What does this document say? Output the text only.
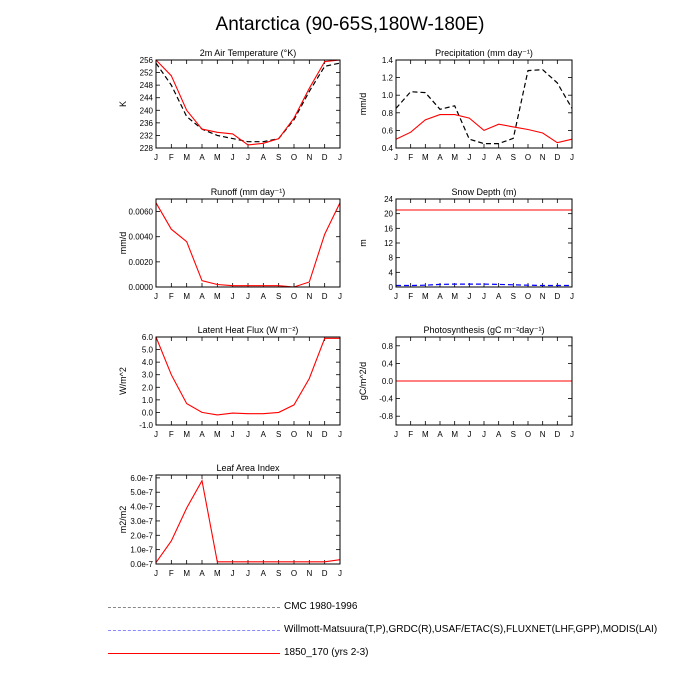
Antarctica (90-65S,180W-180E)
2m Air Temperature (°K)
K
228
232
236
240
244
248
252
256
J F M A M J J A S O N D J
Precipitation (mm day⁻¹)
mm/d
0.4
0.6
0.8
1.0
1.2
1.4
J F M A M J J A S O N D J
Runoff (mm day⁻¹)
mm/d
0.0000
0.0020
0.0040
0.0060
J F M A M J J A S O N D J
Snow Depth (m)
m
0
4
8
12
16
20
24
J F M A M J J A S O N D J
Latent Heat Flux (W m⁻²)
W/m^2
-1.0
0.0
1.0
2.0
3.0
4.0
5.0
6.0
J F M A M J J A S O N D J
Photosynthesis (gC m⁻²day⁻¹)
gC/m^2/d
-0.8
-0.4
0.0
0.4
0.8
J F M A M J J A S O N D J
Leaf Area Index
m2/m2
0.0e-7
1.0e-7
2.0e-7
3.0e-7
4.0e-7
5.0e-7
6.0e-7
J F M A M J J A S O N D J
CMC 1980-1996
Willmott-Matsuura(T,P),GRDC(R),USAF/ETAC(S),FLUXNET(LHF,GPP),MODIS(LAI)
1850_170 (yrs 2-3)
